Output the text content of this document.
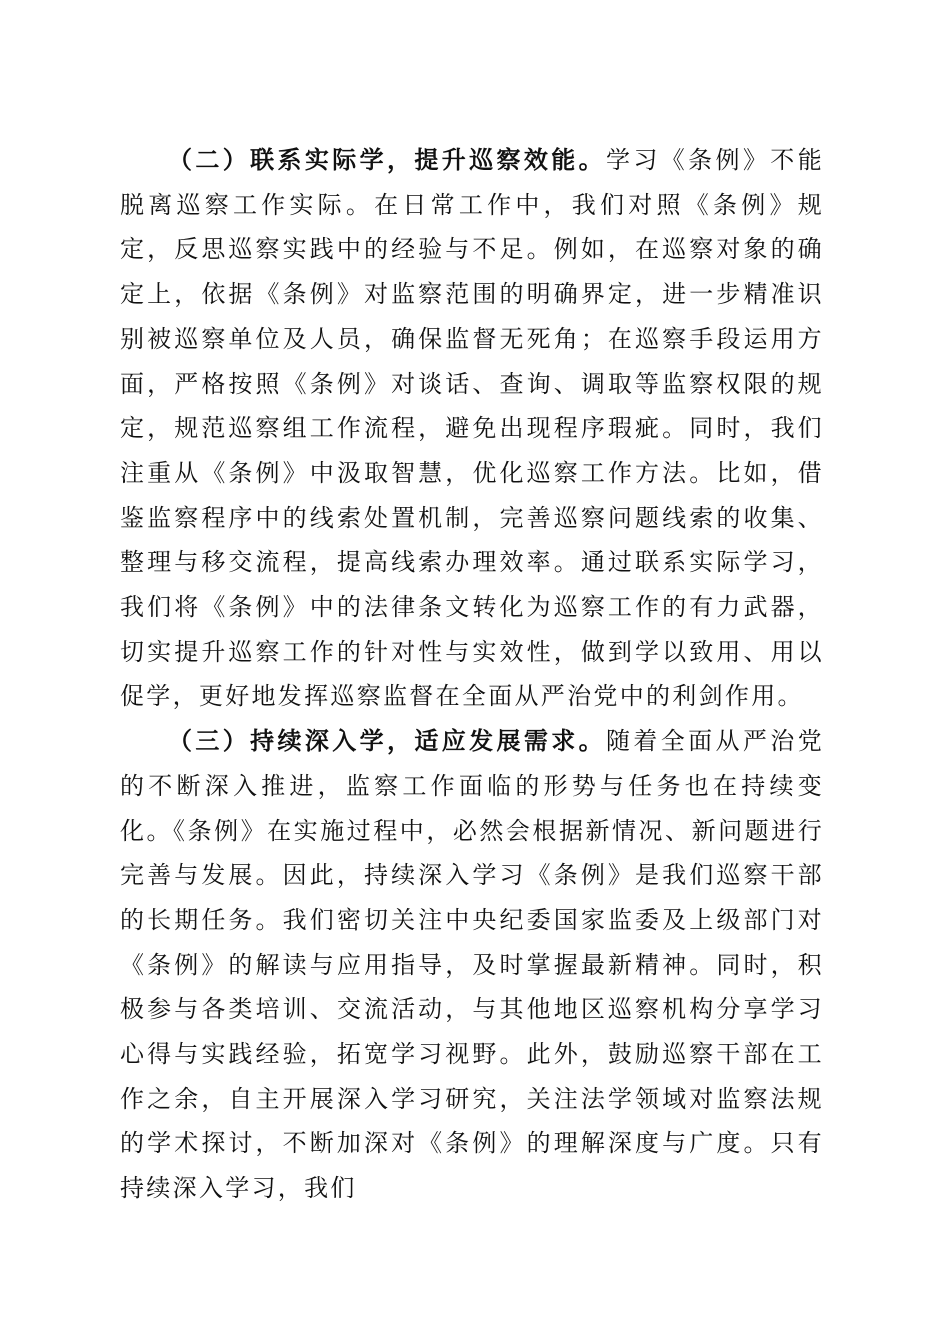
（二）联系实际学，提升巡察效能。学习《条例》不能脱离巡察工作实际。在日常工作中，我们对照《条例》规定，反思巡察实践中的经验与不足。例如，在巡察对象的确定上，依据《条例》对监察范围的明确界定，进一步精准识别被巡察单位及人员，确保监督无死角；在巡察手段运用方面，严格按照《条例》对谈话、查询、调取等监察权限的规定，规范巡察组工作流程，避免出现程序瑕疵。同时，我们注重从《条例》中汲取智慧，优化巡察工作方法。比如，借鉴监察程序中的线索处置机制，完善巡察问题线索的收集、整理与移交流程，提高线索办理效率。通过联系实际学习，我们将《条例》中的法律条文转化为巡察工作的有力武器，切实提升巡察工作的针对性与实效性，做到学以致用、用以促学，更好地发挥巡察监督在全面从严治党中的利剑作用。

（三）持续深入学，适应发展需求。随着全面从严治党的不断深入推进，监察工作面临的形势与任务也在持续变化。《条例》在实施过程中，必然会根据新情况、新问题进行完善与发展。因此，持续深入学习《条例》是我们巡察干部的长期任务。我们密切关注中央纪委国家监委及上级部门对《条例》的解读与应用指导，及时掌握最新精神。同时，积极参与各类培训、交流活动，与其他地区巡察机构分享学习心得与实践经验，拓宽学习视野。此外，鼓励巡察干部在工作之余，自主开展深入学习研究，关注法学领域对监察法规的学术探讨，不断加深对《条例》的理解深度与广度。只有持续深入学习，我们
